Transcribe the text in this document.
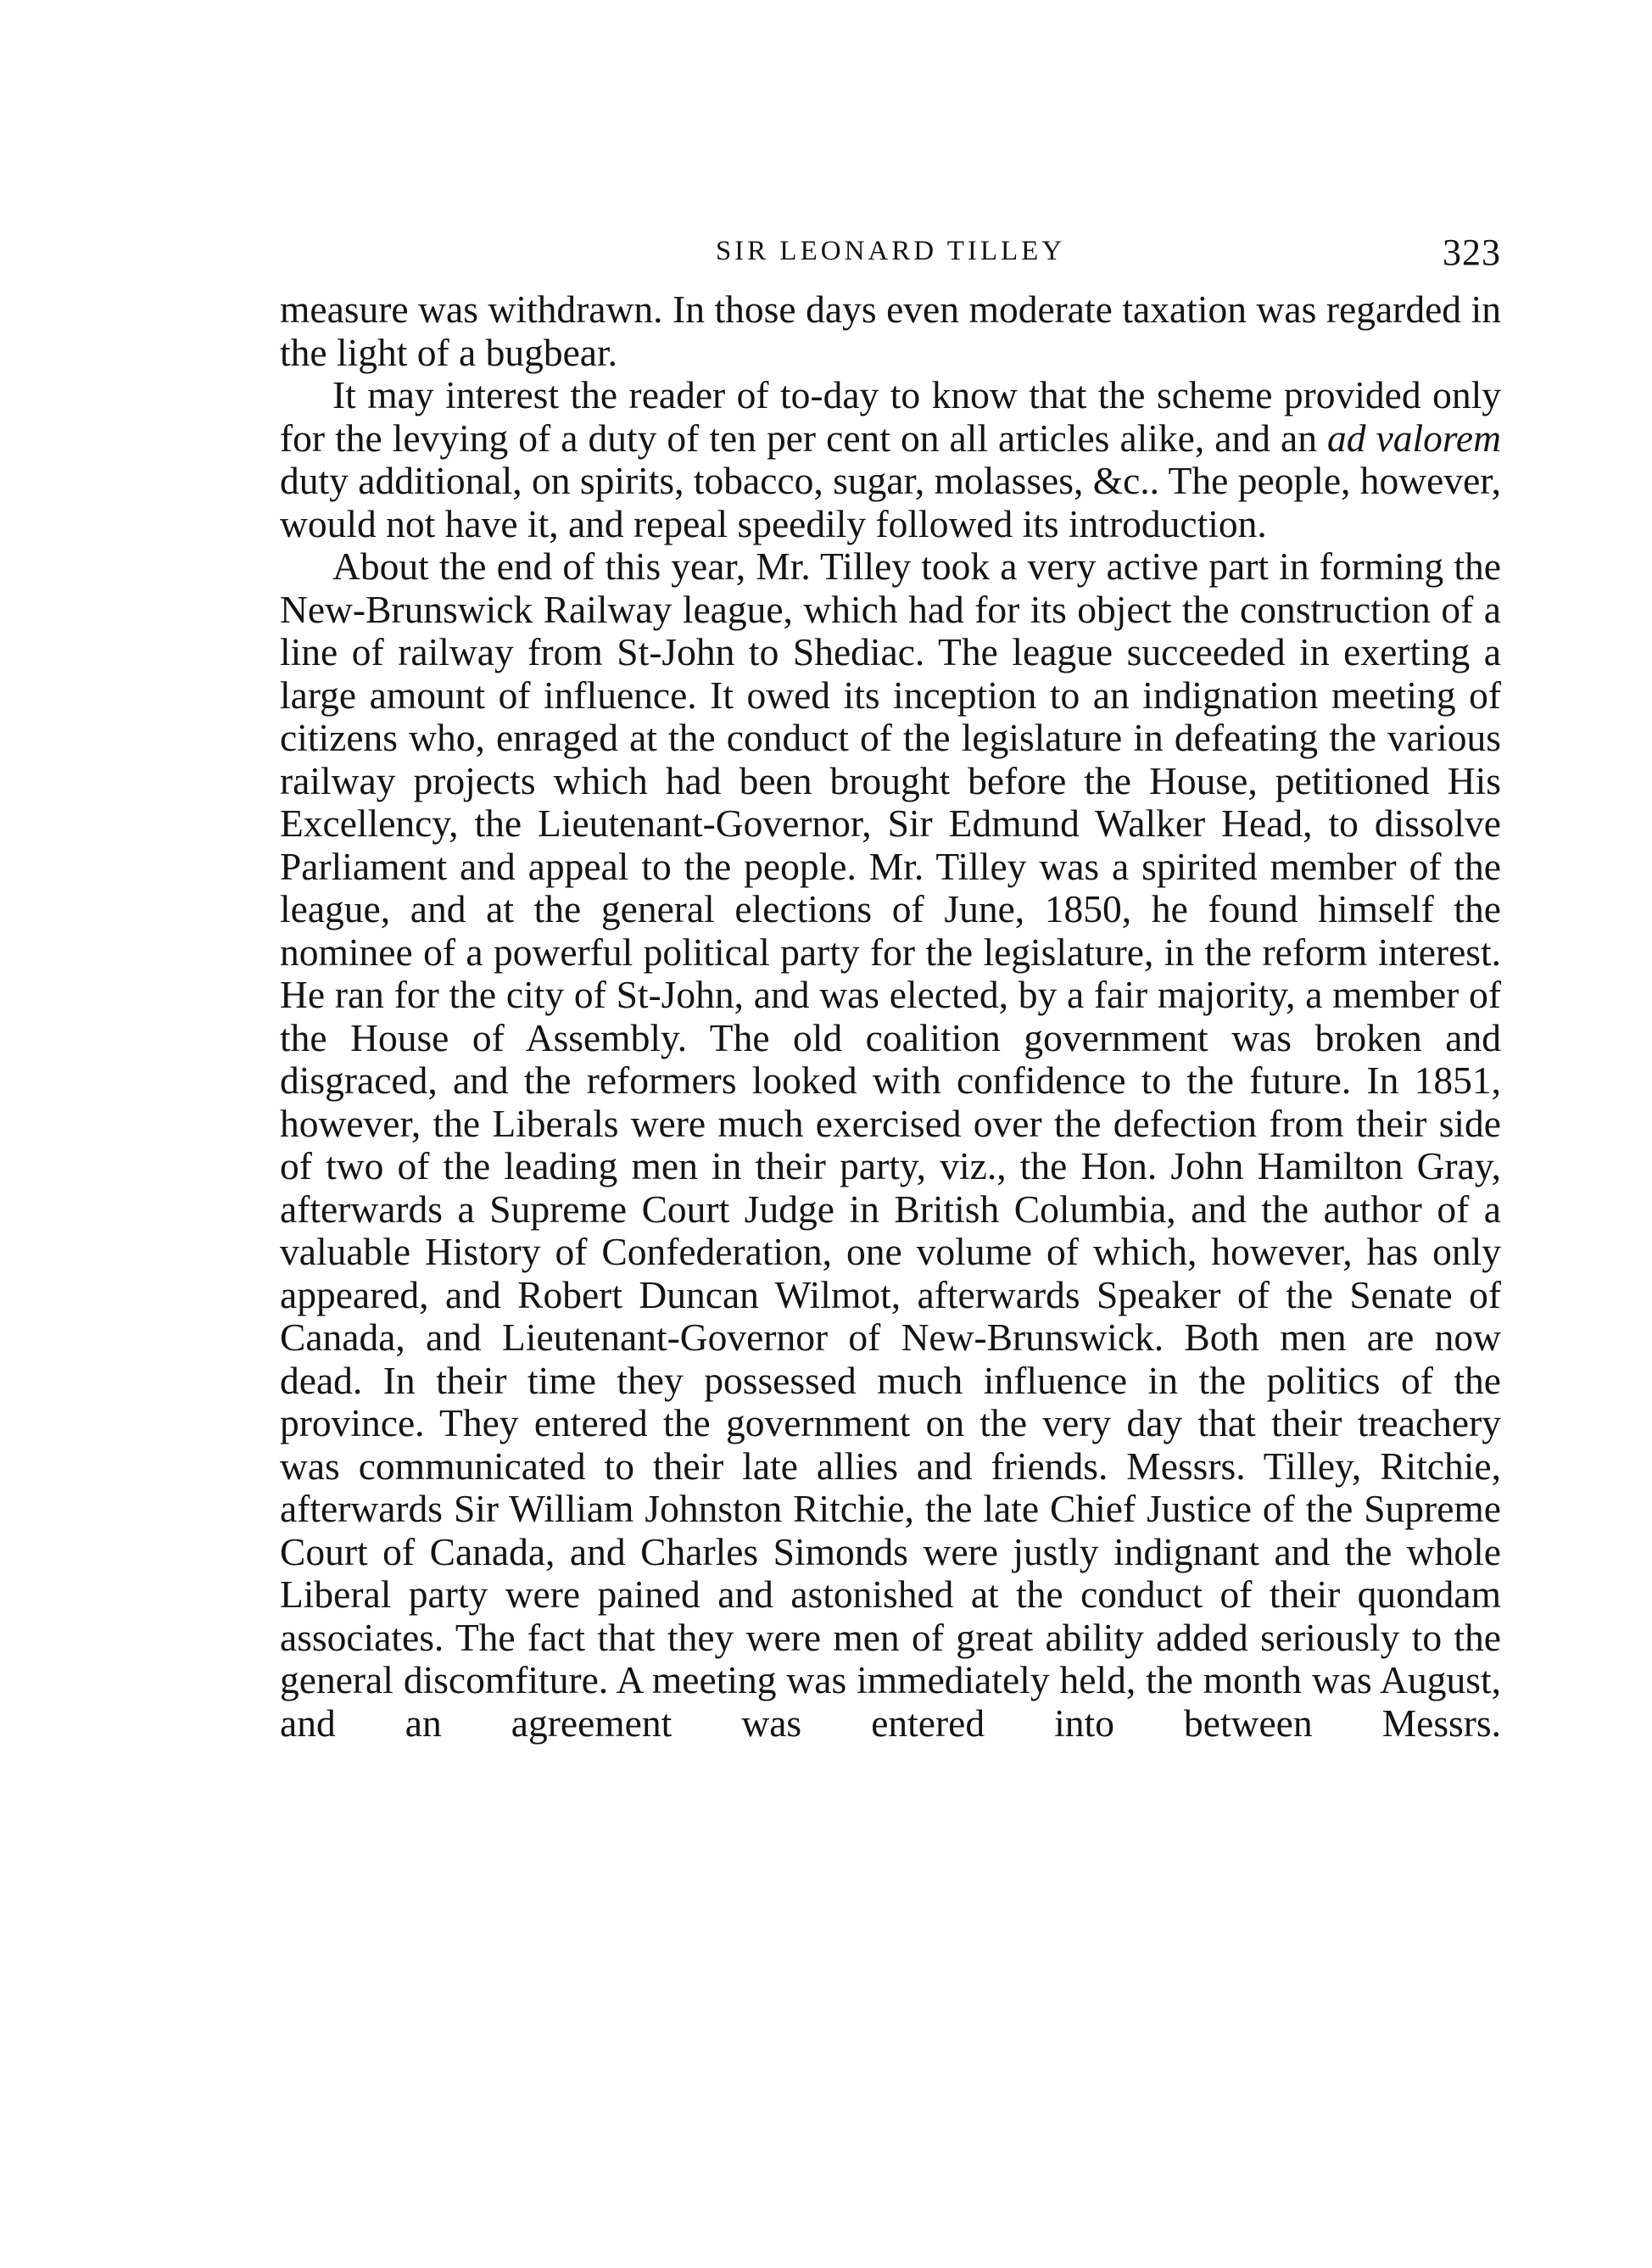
SIR LEONARD TILLEY	323

measure was withdrawn. In those days even moderate taxation was regarded in the light of a bugbear.

It may interest the reader of to-day to know that the scheme provided only for the levying of a duty of ten per cent on all articles alike, and an ad valorem duty additional, on spirits, tobacco, sugar, molasses, &c.. The people, however, would not have it, and repeal speedily followed its introduction.

About the end of this year, Mr. Tilley took a very active part in forming the New-Brunswick Railway league, which had for its object the construction of a line of railway from St-John to Shediac. The league succeeded in exerting a large amount of influence. It owed its inception to an indignation meeting of citizens who, enraged at the conduct of the legislature in defeating the various railway projects which had been brought before the House, petitioned His Excellency, the Lieutenant-Governor, Sir Edmund Walker Head, to dissolve Parliament and appeal to the people. Mr. Tilley was a spirited member of the league, and at the general elections of June, 1850, he found himself the nominee of a powerful political party for the legislature, in the reform interest. He ran for the city of St-John, and was elected, by a fair majority, a member of the House of Assembly. The old coalition government was broken and disgraced, and the reformers looked with confidence to the future. In 1851, however, the Liberals were much exercised over the defection from their side of two of the leading men in their party, viz., the Hon. John Hamilton Gray, afterwards a Supreme Court Judge in British Columbia, and the author of a valuable History of Confederation, one volume of which, however, has only appeared, and Robert Duncan Wilmot, afterwards Speaker of the Senate of Canada, and Lieutenant-Governor of New-Brunswick. Both men are now dead. In their time they possessed much influence in the politics of the province. They entered the government on the very day that their treachery was communicated to their late allies and friends. Messrs. Tilley, Ritchie, afterwards Sir William Johnston Ritchie, the late Chief Justice of the Supreme Court of Canada, and Charles Simonds were justly indignant and the whole Liberal party were pained and astonished at the conduct of their quondam associates. The fact that they were men of great ability added seriously to the general discomfiture. A meeting was immediately held, the month was August, and an agreement was entered into between Messrs.
